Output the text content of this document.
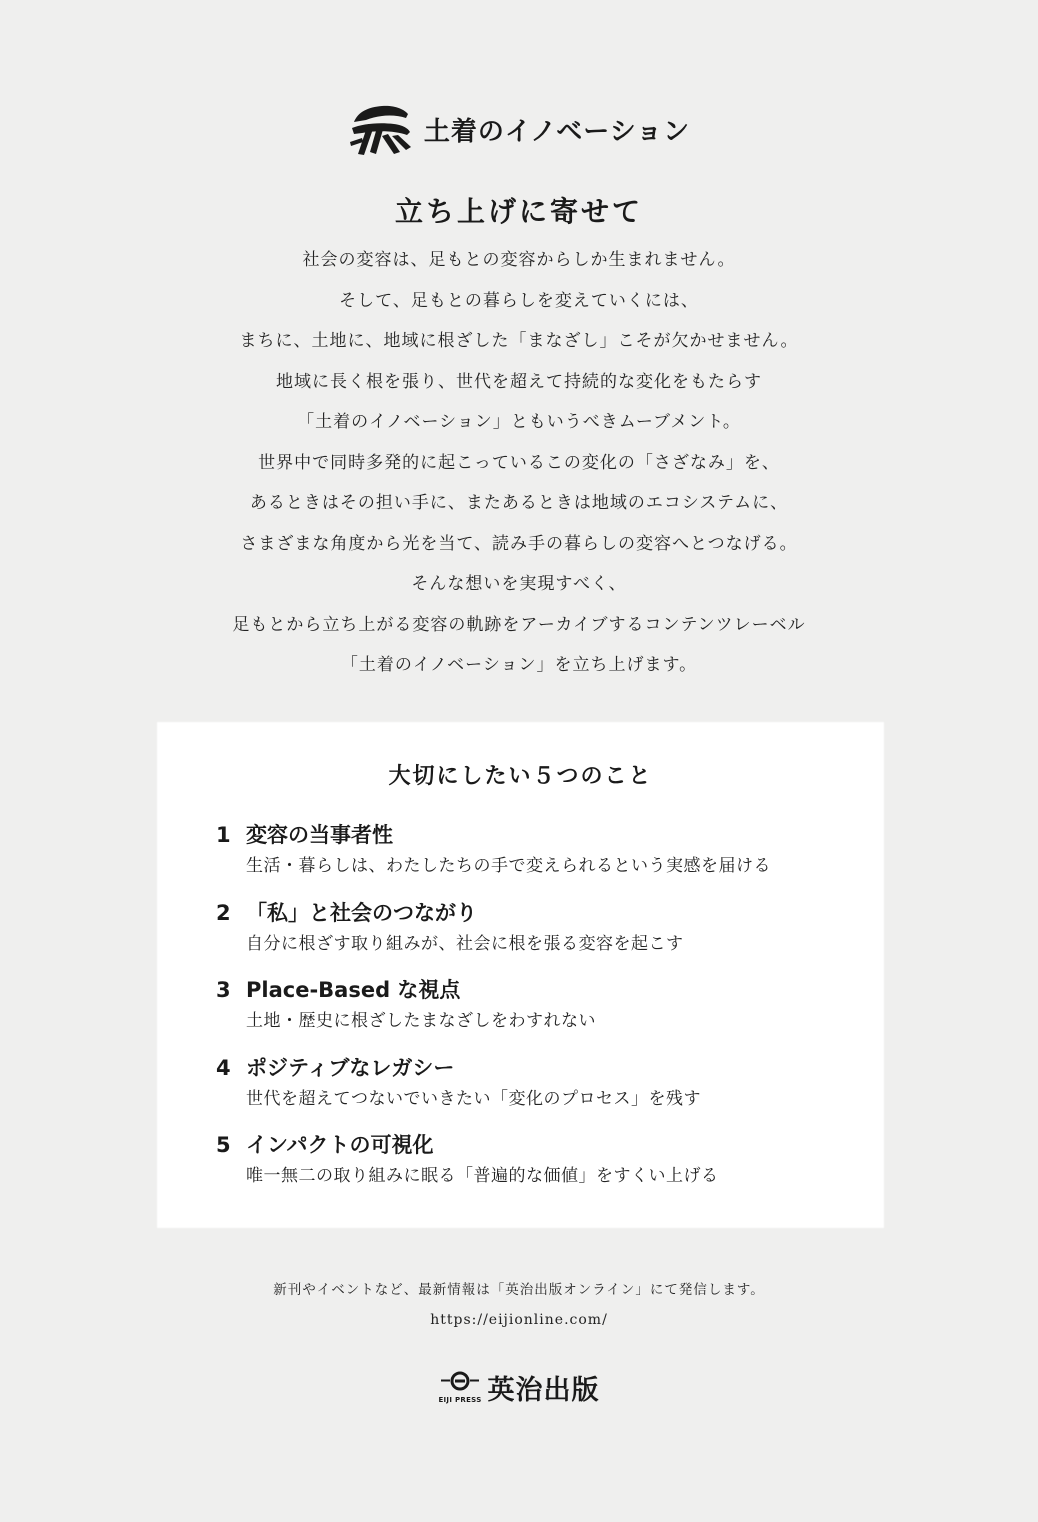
土着のイノベーション
立ち上げに寄せて
社会の変容は、足もとの変容からしか生まれません。
そして、足もとの暮らしを変えていくには、
まちに、土地に、地域に根ざした「まなざし」こそが欠かせません。
地域に長く根を張り、世代を超えて持続的な変化をもたらす
「土着のイノベーション」ともいうべきムーブメント。
世界中で同時多発的に起こっているこの変化の「さざなみ」を、
あるときはその担い手に、またあるときは地域のエコシステムに、
さまざまな角度から光を当て、読み手の暮らしの変容へとつなげる。
そんな想いを実現すべく、
足もとから立ち上がる変容の軌跡をアーカイブするコンテンツレーベル
「土着のイノベーション」を立ち上げます。
大切にしたい５つのこと
1 変容の当事者性
生活・暮らしは、わたしたちの手で変えられるという実感を届ける
2 「私」と社会のつながり
自分に根ざす取り組みが、社会に根を張る変容を起こす
3 Place-Based な視点
土地・歴史に根ざしたまなざしをわすれない
4 ポジティブなレガシー
世代を超えてつないでいきたい「変化のプロセス」を残す
5 インパクトの可視化
唯一無二の取り組みに眠る「普遍的な価値」をすくい上げる
新刊やイベントなど、最新情報は「英治出版オンライン」にて発信します。
https://eijionline.com/
EIJI PRESS 英治出版
